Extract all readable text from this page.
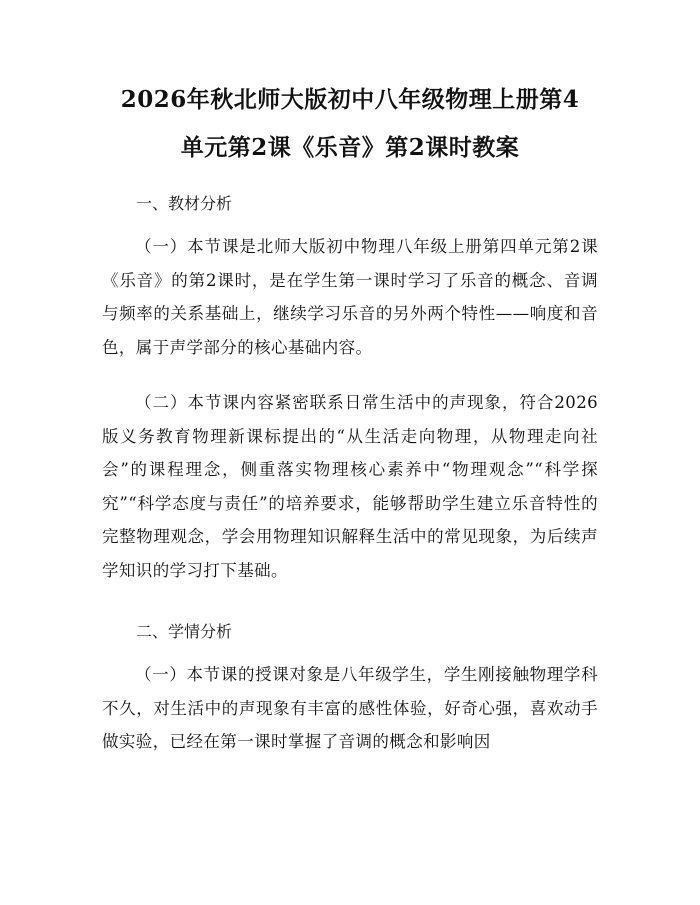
2026年秋北师大版初中八年级物理上册第4
单元第2课《乐音》第2课时教案
一、教材分析

（一）本节课是北师大版初中物理八年级上册第四单元第2课《乐音》的第2课时，是在学生第一课时学习了乐音的概念、音调与频率的关系基础上，继续学习乐音的另外两个特性——响度和音色，属于声学部分的核心基础内容。

（二）本节课内容紧密联系日常生活中的声现象，符合2026版义务教育物理新课标提出的“从生活走向物理，从物理走向社会”的课程理念，侧重落实物理核心素养中“物理观念”“科学探究”“科学态度与责任”的培养要求，能够帮助学生建立乐音特性的完整物理观念，学会用物理知识解释生活中的常见现象，为后续声学知识的学习打下基础。

二、学情分析

（一）本节课的授课对象是八年级学生，学生刚接触物理学科不久，对生活中的声现象有丰富的感性体验，好奇心强，喜欢动手做实验，已经在第一课时掌握了音调的概念和影响因
